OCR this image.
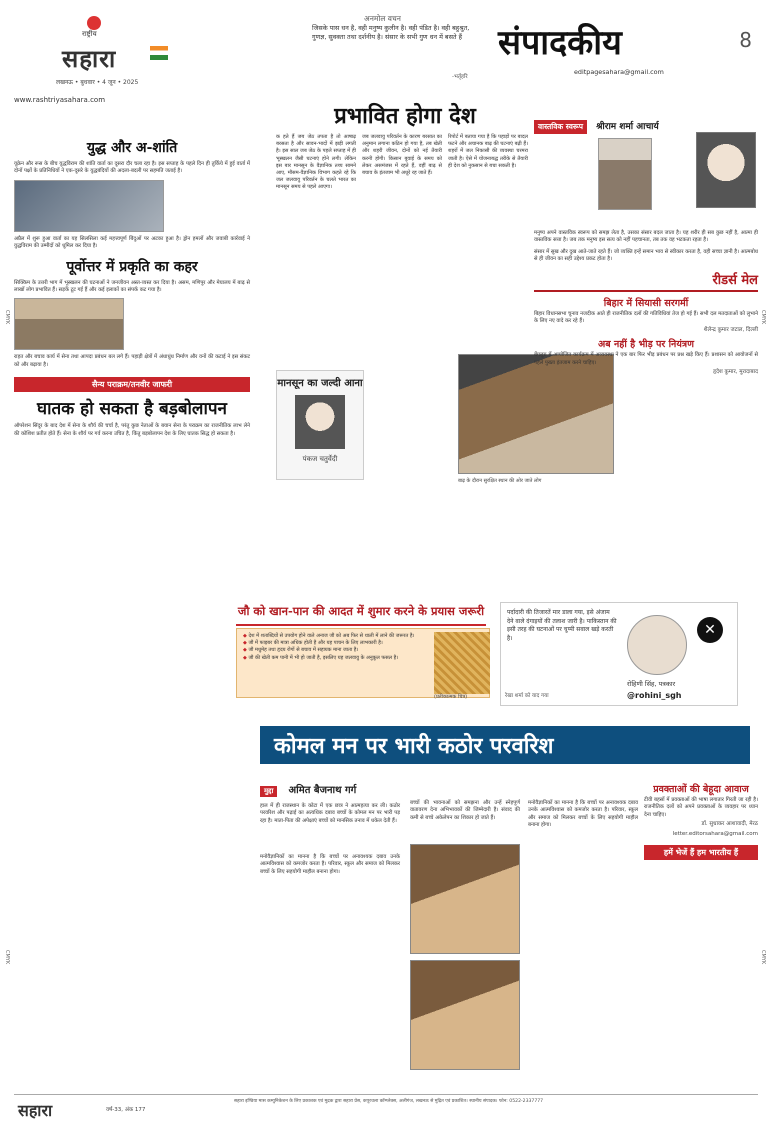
राष्ट्रीय
सहारा
लखनऊ • बुधवार • 4 जून • 2025
www.rashtriyasahara.com
अनमोल वचन
जिसके पास धन है, वही मनुष्य कुलीन है। वही पंडित है। वही बहुश्रुत, गुणज्ञ, सुवक्ता तथा दर्शनीय है। संसार के सभी गुण धन में बसते हैं
-भर्तृहरि
संपादकीय	8
editpagesahara@gmail.com
प्रभावित होगा देश
CMYK	CMYK
CMYK	CMYK
युद्ध और अ-शांति
यूक्रेन और रूस के बीच युद्धविराम की शांति वार्ता का दूसरा दौर चला रहा है। इस सप्ताह के पहले दिन ही तुर्किये में हुई वार्ता में दोनों पक्षों के प्रतिनिधियों ने एक-दूसरे के युद्धबंदियों की अदला-बदली पर सहमति जताई है।
अप्रैल में शुरू हुआ वार्ता का यह सिलसिला कई महत्त्वपूर्ण बिंदुओं पर अटका हुआ है। ड्रोन हमलों और जवाबी कार्रवाई ने युद्धविराम की उम्मीदों को धूमिल कर दिया है।
पूर्वोत्तर में प्रकृति का कहर
सिक्किम के उत्तरी भाग में भूस्खलन की घटनाओं ने जनजीवन अस्त-व्यस्त कर दिया है। असम, मणिपुर और मेघालय में बाढ़ से लाखों लोग प्रभावित हैं। सड़कें टूट गई हैं और कई इलाकों का संपर्क कट गया है।
राहत और बचाव कार्य में सेना तथा आपदा प्रबंधन बल लगे हैं। पहाड़ी क्षेत्रों में अंधाधुंध निर्माण और वनों की कटाई ने इस संकट को और बढ़ाया है।
सैन्य पराक्रम/तनवीर जाफरी
घातक हो सकता है बड़बोलापन
ऑपरेशन सिंदूर के बाद देश में सेना के शौर्य की चर्चा है, परंतु कुछ नेताओं के बयान सेना के पराक्रम का राजनीतिक लाभ लेने की कोशिश प्रतीत होते हैं। सेना के शौर्य पर गर्व करना उचित है, किंतु बड़बोलापन देश के लिए घातक सिद्ध हो सकता है।
क हते हैं जब जेठ तपता है तो आषाढ़ बरसता है और सावन-भादों में झड़ी लगती है। इस साल जब जेठ के पहले सप्ताह में ही भूस्खलन जैसी घटनाएं होने लगी। लेकिन इस बार मानसून के वैज्ञानिक तथ्य सामने आए, मौसम-वैज्ञानिक विभाग कहते रहे कि जल जलवायु परिवर्तन के चलते भारत का मानसून समय से पहले आएगा।
जब जलवायु परिवर्तन के कारण बरसात का अनुमान लगाना कठिन हो गया है, तब खेती और शहरी जीवन, दोनों को नई तैयारी करनी होगी। किसान बुवाई के समय को लेकर असमंजस में रहते हैं, वहीं बाढ़ से बचाव के इंतजाम भी अधूरे रह जाते हैं।
रिपोर्ट में बताया गया है कि पहाड़ों पर बादल फटने और अचानक बाढ़ की घटनाएं बढ़ी हैं। शहरों में जल निकासी की व्यवस्था चरमरा जाती है। ऐसे में योजनाबद्ध तरीके से तैयारी ही देश को नुकसान से बचा सकती है।
मानसून का जल्दी आना
पंकज चतुर्वेदी
बाढ़ के दौरान सुरक्षित स्थान की ओर जाते लोग
वास्तविक स्वरूप श्रीराम शर्मा आचार्य
मनुष्य अपने वास्तविक स्वरूप को समझ लेता है, उसका संसार बदल जाता है। यह शरीर ही सब कुछ नहीं है, आत्मा ही वास्तविक सत्ता है। जब तक मनुष्य इस सत्य को नहीं पहचानता, तब तक वह भटकता रहता है।
संसार में सुख और दुख आते-जाते रहते हैं। जो व्यक्ति इन्हें समान भाव से स्वीकार करता है, वही सच्चा ज्ञानी है। आत्मबोध से ही जीवन का सही उद्देश्य प्रकट होता है।
रीडर्स मेल
बिहार में सियासी सरगर्मी
बिहार विधानसभा चुनाव नजदीक आते ही राजनीतिक दलों की गतिविधियां तेज हो गई हैं। सभी दल मतदाताओं को लुभाने के लिए नए वादे कर रहे हैं।
शैलेन्द्र कुमार जटाल, दिल्ली
अब नहीं है भीड़ पर नियंत्रण
बेंगलुरु में आयोजित कार्यक्रम में अव्यवस्था ने एक बार फिर भीड़ प्रबंधन पर प्रश्न खड़े किए हैं। प्रशासन को आयोजनों से पहले पुख्ता इंतजाम करने चाहिए।
हृदेश कुमार, मुरादाबाद
जौ को खान-पान की आदत में शुमार करने के प्रयास जरूरी
◆ देश में शताब्दियों से उपयोग होने वाले अनाज जौ को अब फिर से थाली में लाने की जरूरत है।
◆ जौ में फाइबर की मात्रा अधिक होती है और यह पाचन के लिए लाभकारी है।
◆ जौ मधुमेह तथा हृदय रोगों से बचाव में सहायक माना जाता है।
◆ जौ की खेती कम पानी में भी हो जाती है, इसलिए यह जलवायु के अनुकूल फसल है।
(प्रतीकात्मक चित्र)
पर्दादारी की तिजारतें मार डाला गया, इसे अंजाम देने वाले दंगाइयों की तलाश जारी है। पाकिस्तान की इसी तरह की घटनाओं पर चुप्पी सवाल खड़े करती है।
✕
रेखा शर्मा को याद गया
रोहिणी सिंह, पत्रकार
@rohini_sgh
कोमल मन पर भारी कठोर परवरिश
मुद्दा अमित बैजनाथ गर्ग
हाल में ही राजस्थान के कोटा में एक छात्र ने आत्महत्या कर ली। कठोर परवरिश और पढ़ाई का अत्यधिक दबाव बच्चों के कोमल मन पर भारी पड़ रहा है। माता-पिता की अपेक्षाएं बच्चों को मानसिक तनाव में धकेल देती हैं।
बच्चों की भावनाओं को समझना और उन्हें स्नेहपूर्ण वातावरण देना अभिभावकों की जिम्मेदारी है। संवाद की कमी से बच्चे अकेलेपन का शिकार हो जाते हैं।
मनोवैज्ञानिकों का मानना है कि बच्चों पर अनावश्यक दबाव उनके आत्मविश्वास को कमजोर करता है। परिवार, स्कूल और समाज को मिलकर बच्चों के लिए सहयोगी माहौल बनाना होगा।
मनोवैज्ञानिकों का मानना है कि बच्चों पर अनावश्यक दबाव उनके आत्मविश्वास को कमजोर करता है। परिवार, स्कूल और समाज को मिलकर बच्चों के लिए सहयोगी माहौल बनाना होगा।
प्रवक्ताओं की बेहूदा आवाज
टीवी बहसों में प्रवक्ताओं की भाषा लगातार गिरती जा रही है। राजनीतिक दलों को अपने प्रवक्ताओं के व्यवहार पर ध्यान देना चाहिए।
डॉ. सुधाकर आशावादी, मेरठ
letter.editorsahara@gmail.com
हमें भेजें हैं हम भारतीय हैं
सहारा	वर्ष-33, अंक 177
सहारा इण्डिया मास कम्युनिकेशन के लिए प्रकाशक एवं मुद्रक द्वारा सहारा प्रेस, कपूरथला कॉम्प्लेक्स, अलीगंज, लखनऊ से मुद्रित एवं प्रकाशित। स्थानीय संपादक। फोन: 0522-2337777
